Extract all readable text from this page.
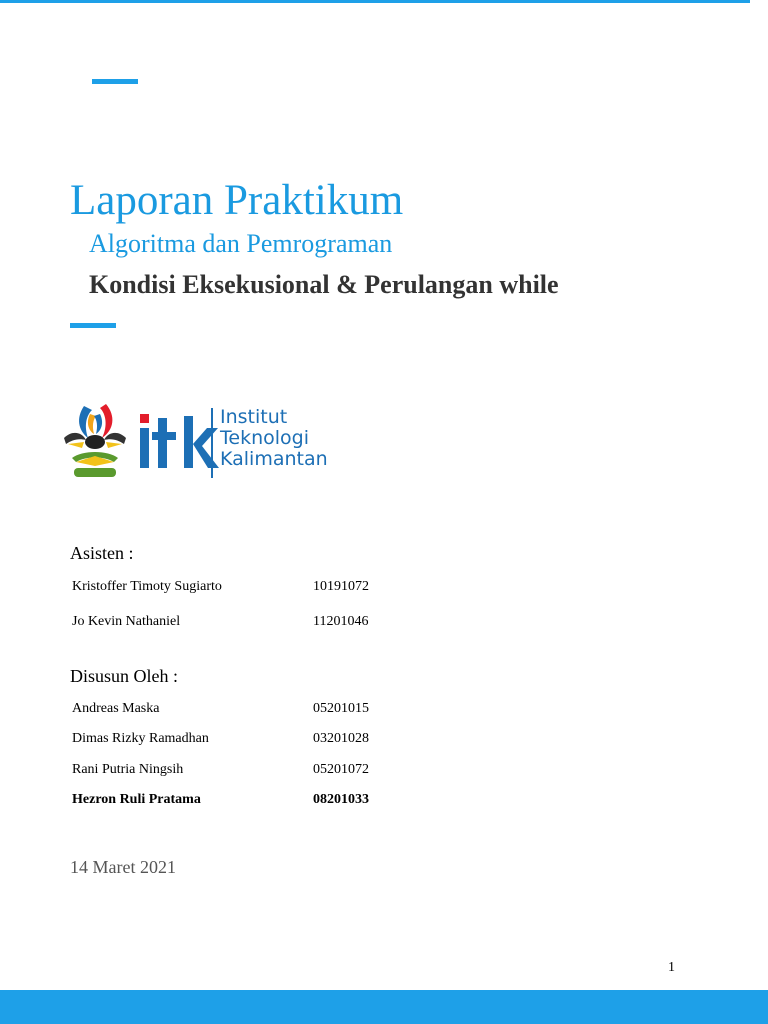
Laporan Praktikum
Algoritma dan Pemrograman
Kondisi Eksekusional & Perulangan while
Institut
Teknologi
Kalimantan
Asisten :
Kristoffer Timoty Sugiarto	10191072
Jo Kevin Nathaniel	11201046
Disusun Oleh :
Andreas Maska	05201015
Dimas Rizky Ramadhan	03201028
Rani Putria Ningsih	05201072
Hezron Ruli Pratama	08201033
14 Maret 2021
1
